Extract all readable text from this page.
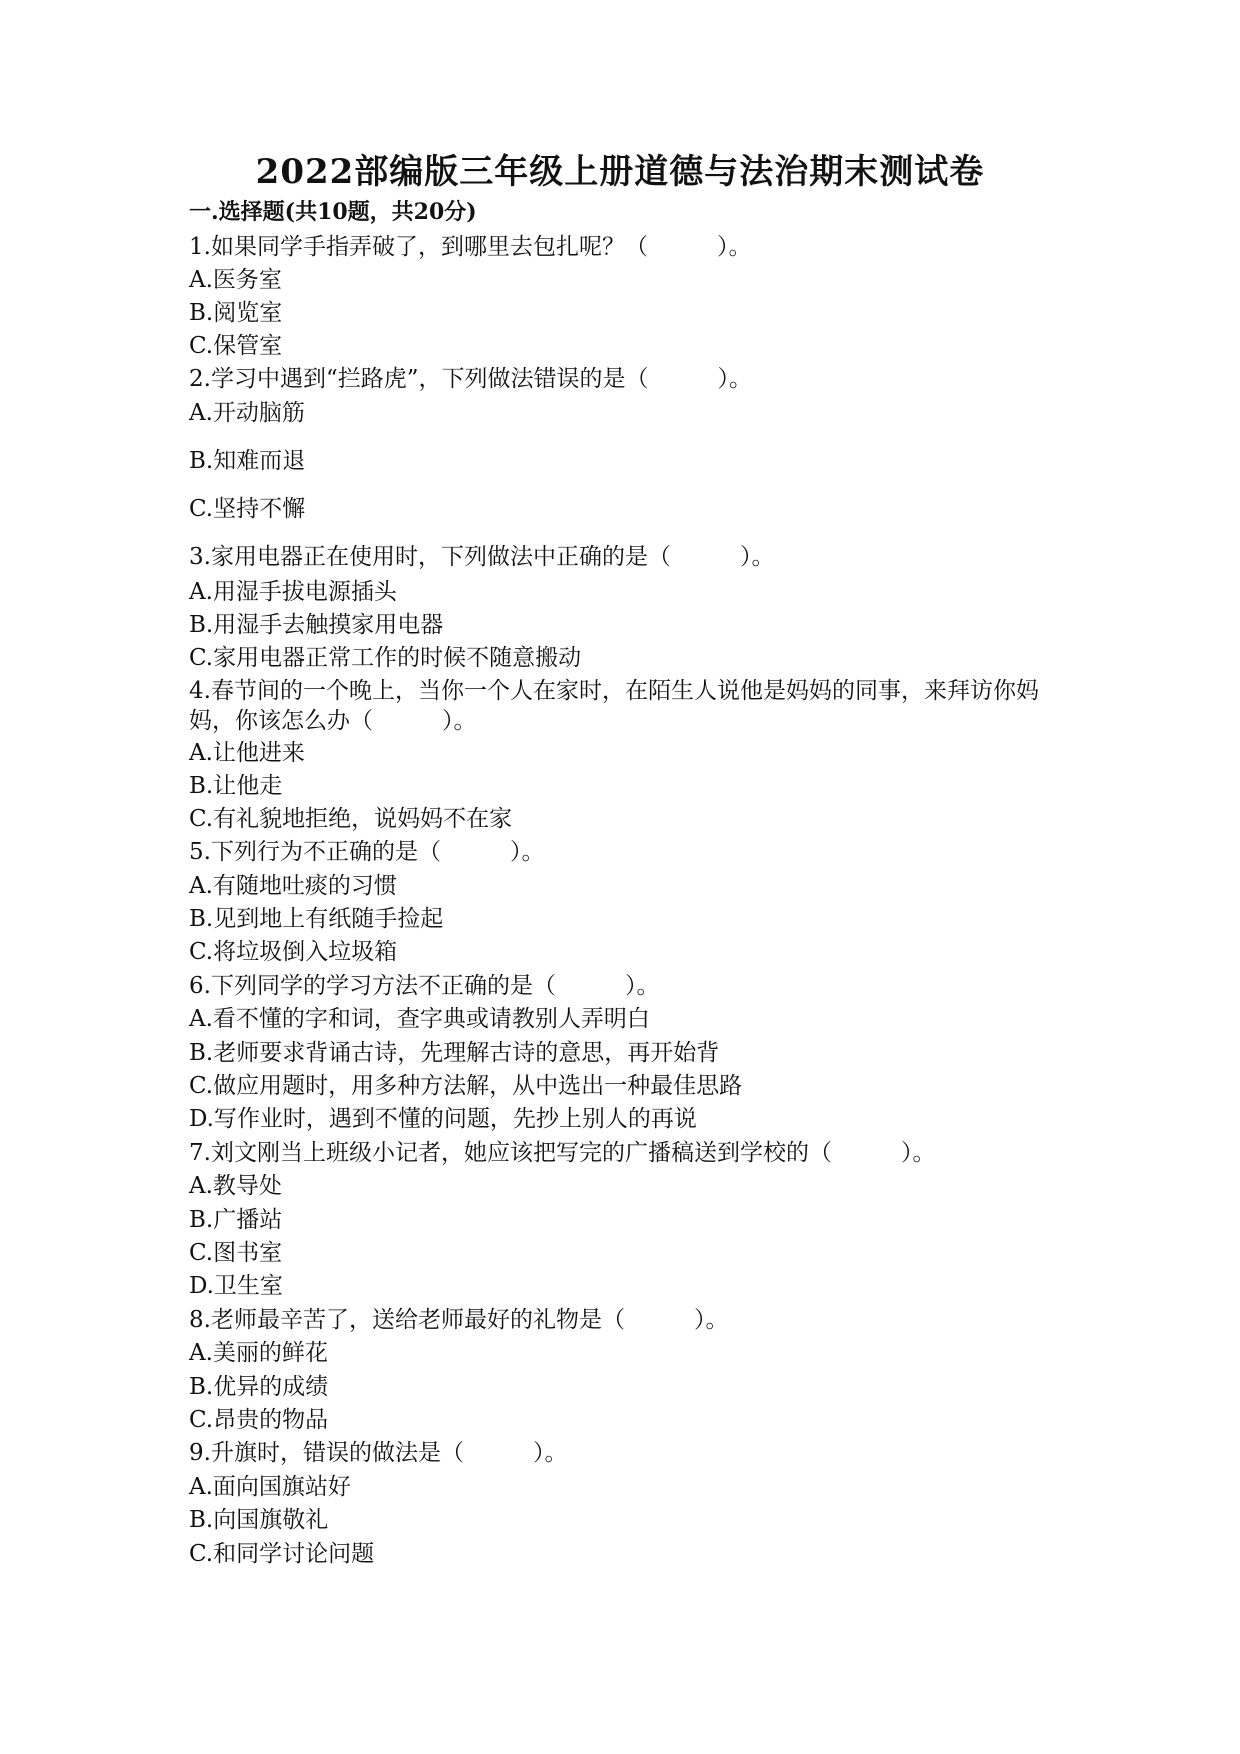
2022部编版三年级上册道德与法治期末测试卷
一.选择题(共10题，共20分)
1.如果同学手指弄破了，到哪里去包扎呢？（　　　）。
A.医务室
B.阅览室
C.保管室
2.学习中遇到“拦路虎”，下列做法错误的是（　　　）。
A.开动脑筋
B.知难而退
C.坚持不懈
3.家用电器正在使用时，下列做法中正确的是（　　　）。
A.用湿手拔电源插头
B.用湿手去触摸家用电器
C.家用电器正常工作的时候不随意搬动
4.春节间的一个晚上，当你一个人在家时，在陌生人说他是妈妈的同事，来拜访你妈妈，你该怎么办（　　　）。
A.让他进来
B.让他走
C.有礼貌地拒绝，说妈妈不在家
5.下列行为不正确的是（　　　）。
A.有随地吐痰的习惯
B.见到地上有纸随手捡起
C.将垃圾倒入垃圾箱
6.下列同学的学习方法不正确的是（　　　）。
A.看不懂的字和词，查字典或请教别人弄明白
B.老师要求背诵古诗，先理解古诗的意思，再开始背
C.做应用题时，用多种方法解，从中选出一种最佳思路
D.写作业时，遇到不懂的问题，先抄上别人的再说
7.刘文刚当上班级小记者，她应该把写完的广播稿送到学校的（　　　）。
A.教导处
B.广播站
C.图书室
D.卫生室
8.老师最辛苦了，送给老师最好的礼物是（　　　）。
A.美丽的鲜花
B.优异的成绩
C.昂贵的物品
9.升旗时，错误的做法是（　　　）。
A.面向国旗站好
B.向国旗敬礼
C.和同学讨论问题
